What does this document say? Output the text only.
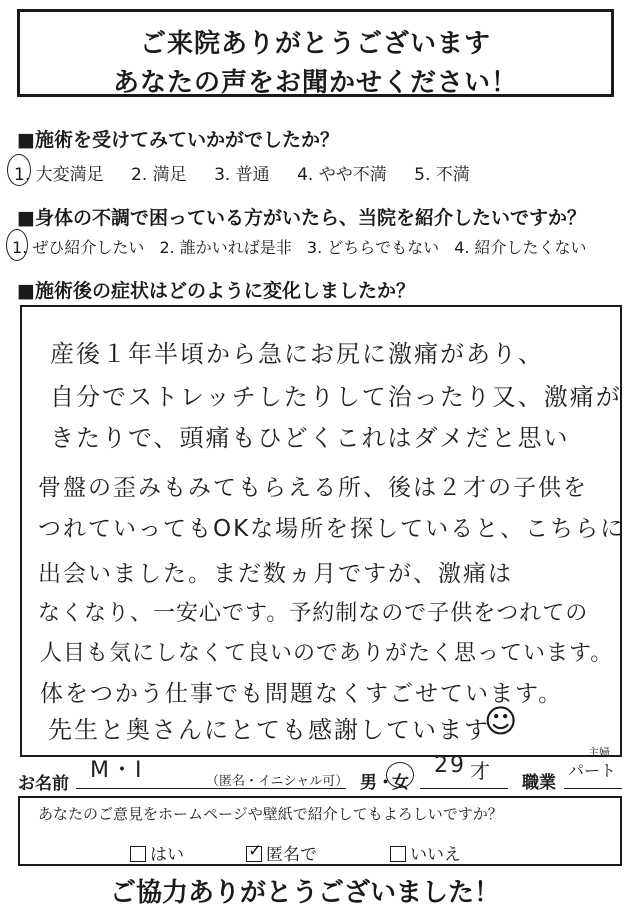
ご来院ありがとうございます
あなたの声をお聞かせください！
■施術を受けてみていかがでしたか？
1. 大変満足 2. 満足 3. 普通 4. やや不満 5. 不満
■身体の不調で困っている方がいたら、当院を紹介したいですか？
1. ぜひ紹介したい 2. 誰かいれば是非 3. どちらでもない 4. 紹介したくない
■施術後の症状はどのように変化しましたか？
産後１年半頃から急にお尻に激痛があり、
自分でストレッチしたりして治ったり又、激痛が
きたりで、頭痛もひどくこれはダメだと思い
骨盤の歪みもみてもらえる所、後は２才の子供を
つれていってもOKな場所を探していると、こちらに
出会いました。まだ数ヵ月ですが、激痛は
なくなり、一安心です。予約制なので子供をつれての
人目も気にしなくて良いのでありがたく思っています。
体をつかう仕事でも問題なくすごせています。
先生と奥さんにとても感謝しています
☺
お名前
M・I	（匿名・イニシャル可） 男・
女
29 才 職業
主婦
パート
あなたのご意見をホームページや壁紙で紹介してもよろしいですか？
はい	✓ 匿名で	いいえ
ご協力ありがとうございました！
